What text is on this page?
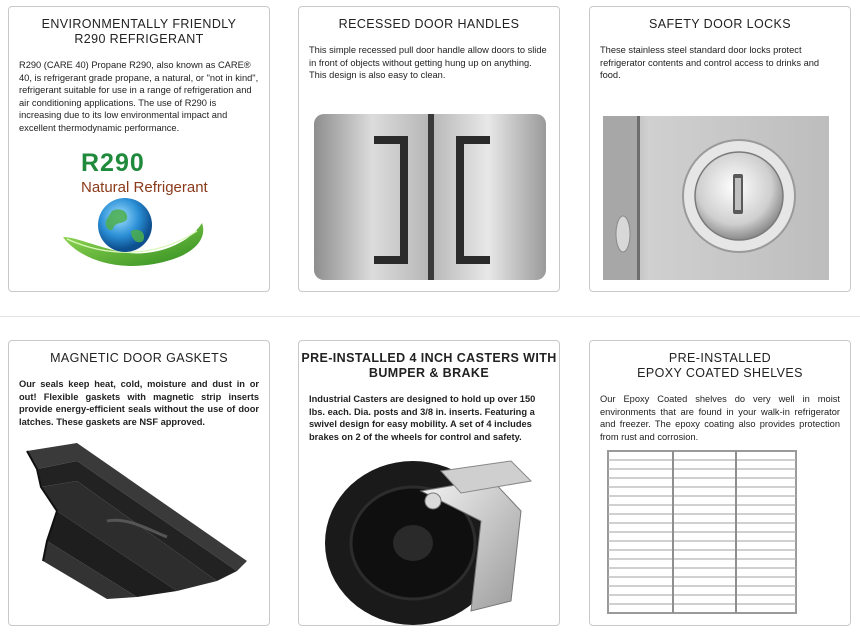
ENVIRONMENTALLY FRIENDLY
R290 REFRIGERANT
R290 (CARE 40) Propane R290, also known as CARE® 40, is refrigerant grade propane, a natural, or "not in kind", refrigerant suitable for use in a range of refrigeration and air conditioning applications. The use of R290 is increasing due to its low environmental impact and excellent thermodynamic performance.
R290
Natural Refrigerant
RECESSED DOOR HANDLES
This simple recessed pull door handle allow doors to slide in front of objects without getting hung up on anything. This design is also easy to clean.
SAFETY DOOR LOCKS
These stainless steel standard door locks protect refrigerator contents and control access to drinks and food.
MAGNETIC DOOR GASKETS
Our seals keep heat, cold, moisture and dust in or out! Flexible gaskets with magnetic strip inserts provide energy-efficient seals without the use of door latches. These gaskets are NSF approved.
PRE-INSTALLED 4 INCH CASTERS WITH
BUMPER & BRAKE
Industrial Casters are designed to hold up over 150 lbs. each. Dia. posts and 3/8 in. inserts. Featuring a swivel design for easy mobility. A set of 4 includes brakes on 2 of the wheels for control and safety.
PRE-INSTALLED
EPOXY COATED SHELVES
Our Epoxy Coated shelves do very well in moist environments that are found in your walk-in refrigerator and freezer. The epoxy coating also provides protection from rust and corrosion.
